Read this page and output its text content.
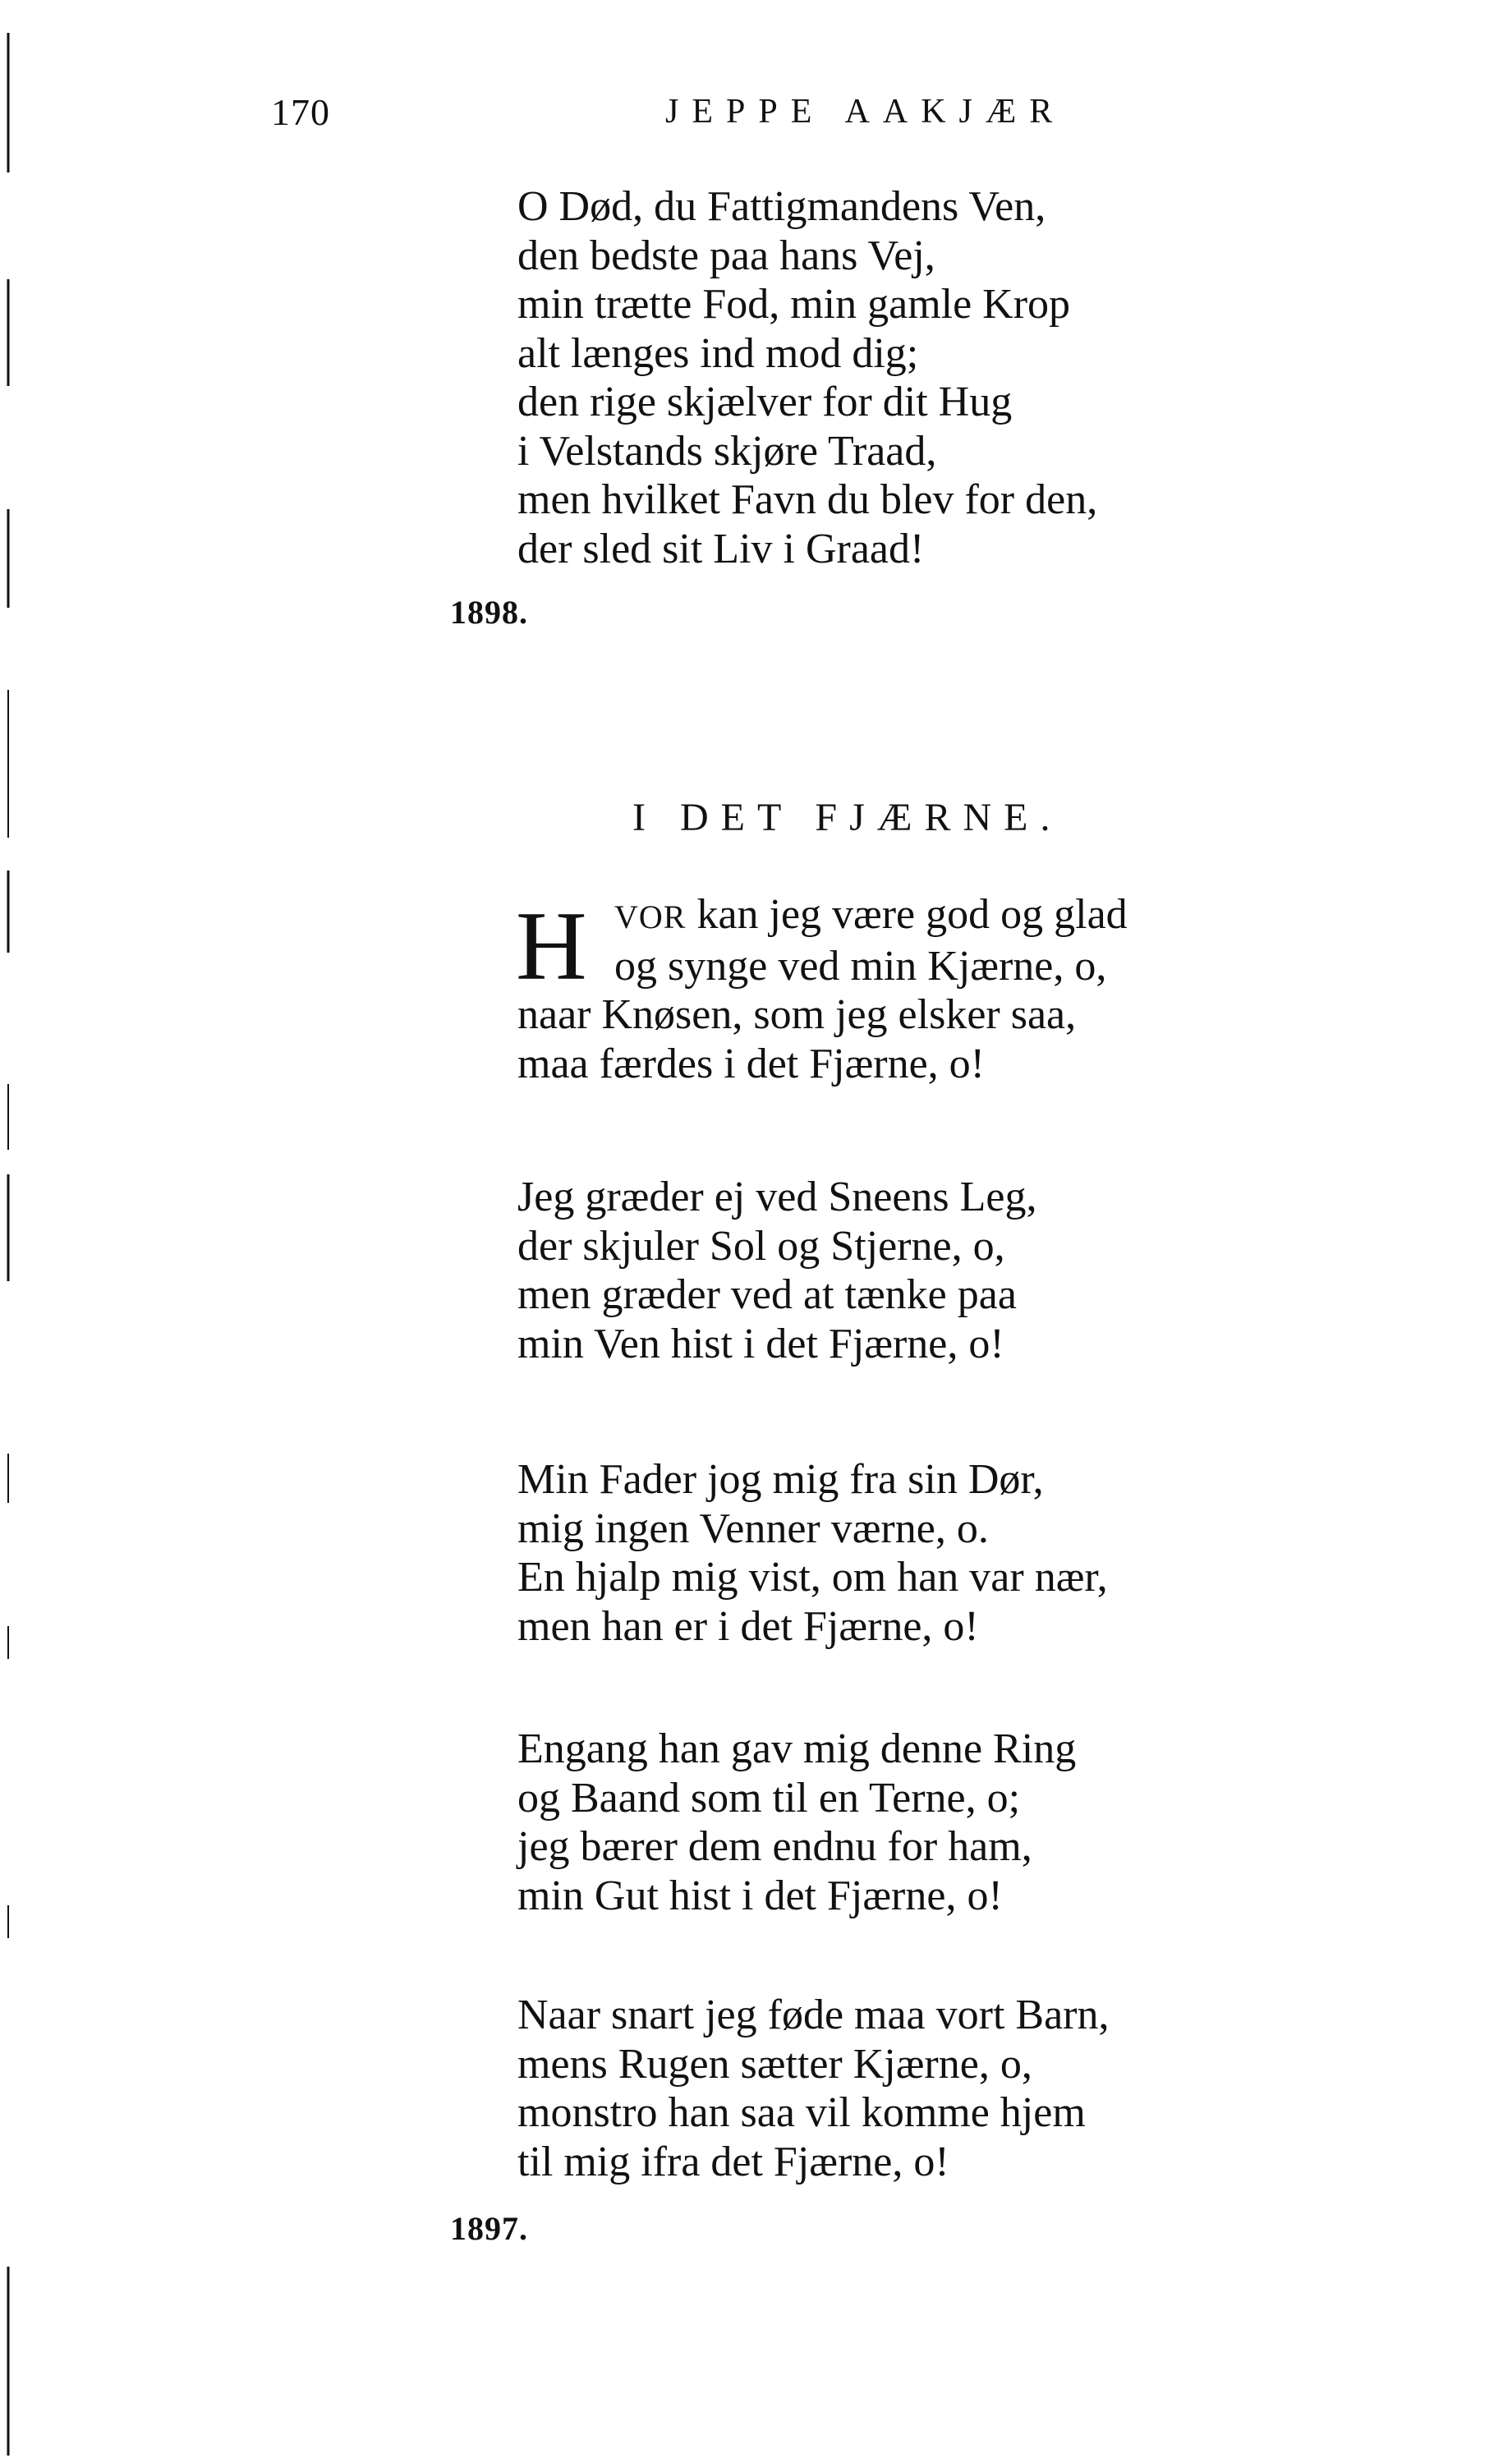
170	JEPPE AAKJÆR
O Død, du Fattigmandens Ven,
den bedste paa hans Vej,
min trætte Fod, min gamle Krop
alt længes ind mod dig;
den rige skjælver for dit Hug
i Velstands skjøre Traad,
men hvilket Favn du blev for den,
der sled sit Liv i Graad!
1898.
I DET FJÆRNE.
H VOR kan jeg være god og glad
og synge ved min Kjærne, o,
naar Knøsen, som jeg elsker saa,
maa færdes i det Fjærne, o!
Jeg græder ej ved Sneens Leg,
der skjuler Sol og Stjerne, o,
men græder ved at tænke paa
min Ven hist i det Fjærne, o!
Min Fader jog mig fra sin Dør,
mig ingen Venner værne, o.
En hjalp mig vist, om han var nær,
men han er i det Fjærne, o!
Engang han gav mig denne Ring
og Baand som til en Terne, o;
jeg bærer dem endnu for ham,
min Gut hist i det Fjærne, o!
Naar snart jeg føde maa vort Barn,
mens Rugen sætter Kjærne, o,
monstro han saa vil komme hjem
til mig ifra det Fjærne, o!
1897.
